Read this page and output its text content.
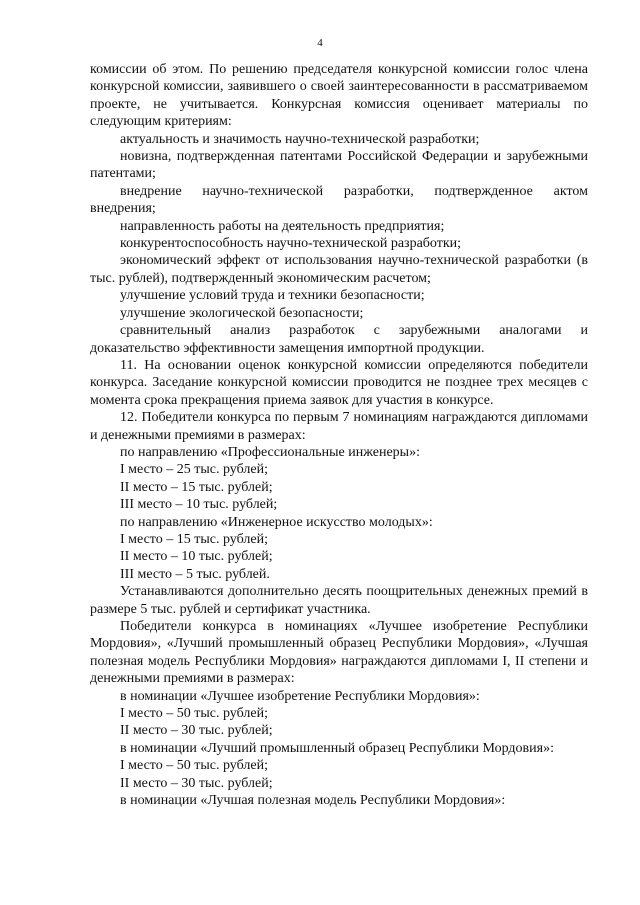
4

комиссии об этом. По решению председателя конкурсной комиссии голос члена конкурсной комиссии, заявившего о своей заинтересованности в рассматриваемом проекте, не учитывается. Конкурсная комиссия оценивает материалы по следующим критериям:

актуальность и значимость научно-технической разработки;

новизна, подтвержденная патентами Российской Федерации и зарубежными патентами;

внедрение научно-технической разработки, подтвержденное актом внедрения;

направленность работы на деятельность предприятия;

конкурентоспособность научно-технической разработки;

экономический эффект от использования научно-технической разработки (в тыс. рублей), подтвержденный экономическим расчетом;

улучшение условий труда и техники безопасности;

улучшение экологической безопасности;

сравнительный анализ разработок с зарубежными аналогами и доказательство эффективности замещения импортной продукции.

11. На основании оценок конкурсной комиссии определяются победители конкурса. Заседание конкурсной комиссии проводится не позднее трех месяцев с момента срока прекращения приема заявок для участия в конкурсе.

12. Победители конкурса по первым 7 номинациям награждаются дипломами и денежными премиями в размерах:

по направлению «Профессиональные инженеры»:

I место – 25 тыс. рублей;

II место – 15 тыс. рублей;

III место – 10 тыс. рублей;

по направлению «Инженерное искусство молодых»:

I место – 15 тыс. рублей;

II место – 10 тыс. рублей;

III место – 5 тыс. рублей.

Устанавливаются дополнительно десять поощрительных денежных премий в размере 5 тыс. рублей и сертификат участника.

Победители конкурса в номинациях «Лучшее изобретение Республики Мордовия», «Лучший промышленный образец Республики Мордовия», «Лучшая полезная модель Республики Мордовия» награждаются дипломами I, II степени и денежными премиями в размерах:

в номинации «Лучшее изобретение Республики Мордовия»:

I место – 50 тыс. рублей;

II место – 30 тыс. рублей;

в номинации «Лучший промышленный образец Республики Мордовия»:

I место – 50 тыс. рублей;

II место – 30 тыс. рублей;

в номинации «Лучшая полезная модель Республики Мордовия»:
